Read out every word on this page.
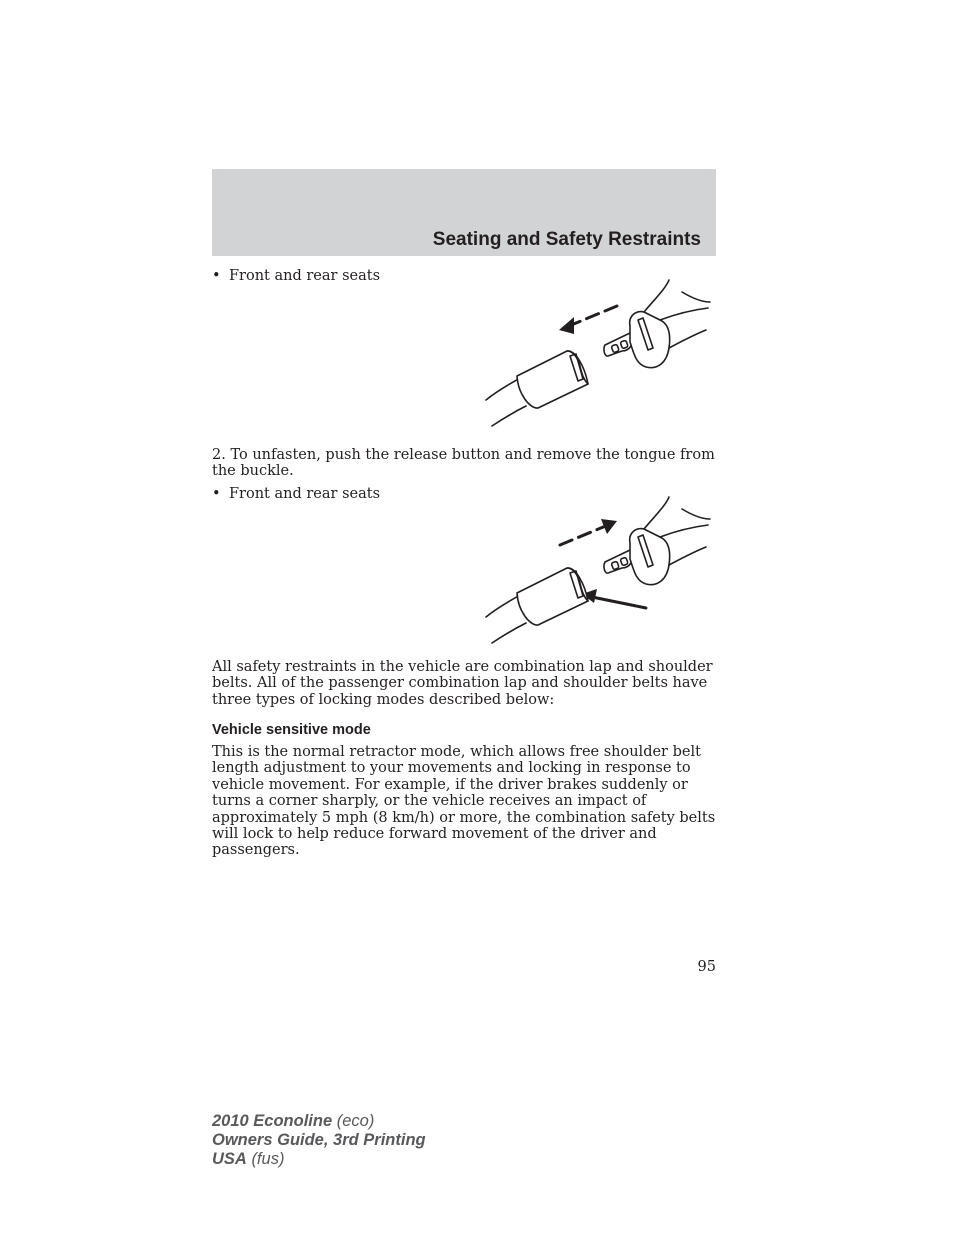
Seating and Safety Restraints
• Front and rear seats

2. To unfasten, push the release button and remove the tongue from the buckle.

• Front and rear seats

All safety restraints in the vehicle are combination lap and shoulder belts. All of the passenger combination lap and shoulder belts have three types of locking modes described below:

Vehicle sensitive mode

This is the normal retractor mode, which allows free shoulder belt length adjustment to your movements and locking in response to vehicle movement. For example, if the driver brakes suddenly or turns a corner sharply, or the vehicle receives an impact of approximately 5 mph (8 km/h) or more, the combination safety belts will lock to help reduce forward movement of the driver and passengers.

95
2010 Econoline (eco)
Owners Guide, 3rd Printing
USA (fus)
